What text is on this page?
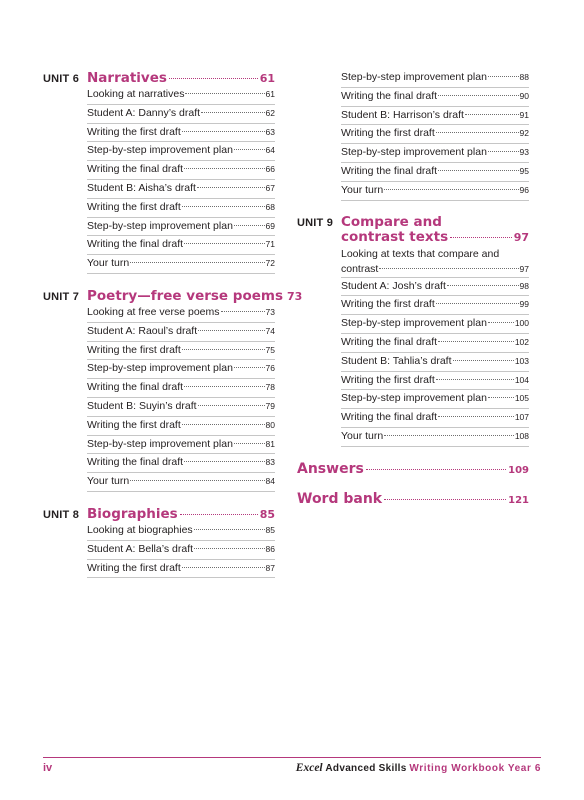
UNIT 6 Narratives	61
Looking at narratives	61
Student A: Danny’s draft	62
Writing the first draft	63
Step-by-step improvement plan	64
Writing the final draft	66
Student B: Aisha’s draft	67
Writing the first draft	68
Step-by-step improvement plan	69
Writing the final draft	71
Your turn	72
UNIT 7 Poetry—free verse poems 73
Looking at free verse poems	73
Student A: Raoul’s draft	74
Writing the first draft	75
Step-by-step improvement plan	76
Writing the final draft	78
Student B: Suyin’s draft	79
Writing the first draft	80
Step-by-step improvement plan	81
Writing the final draft	83
Your turn	84
UNIT 8 Biographies	85
Looking at biographies	85
Student A: Bella’s draft	86
Writing the first draft	87
Step-by-step improvement plan	88
Writing the final draft	90
Student B: Harrison’s draft	91
Writing the first draft	92
Step-by-step improvement plan	93
Writing the final draft	95
Your turn	96
UNIT 9 Compare and
contrast texts	97
Looking at texts that compare and
contrast	97
Student A: Josh’s draft	98
Writing the first draft	99
Step-by-step improvement plan	100
Writing the final draft	102
Student B: Tahlia’s draft	103
Writing the first draft	104
Step-by-step improvement plan	105
Writing the final draft	107
Your turn	108
Answers	109
Word bank	121
iv	Excel Advanced Skills Writing Workbook Year 6
